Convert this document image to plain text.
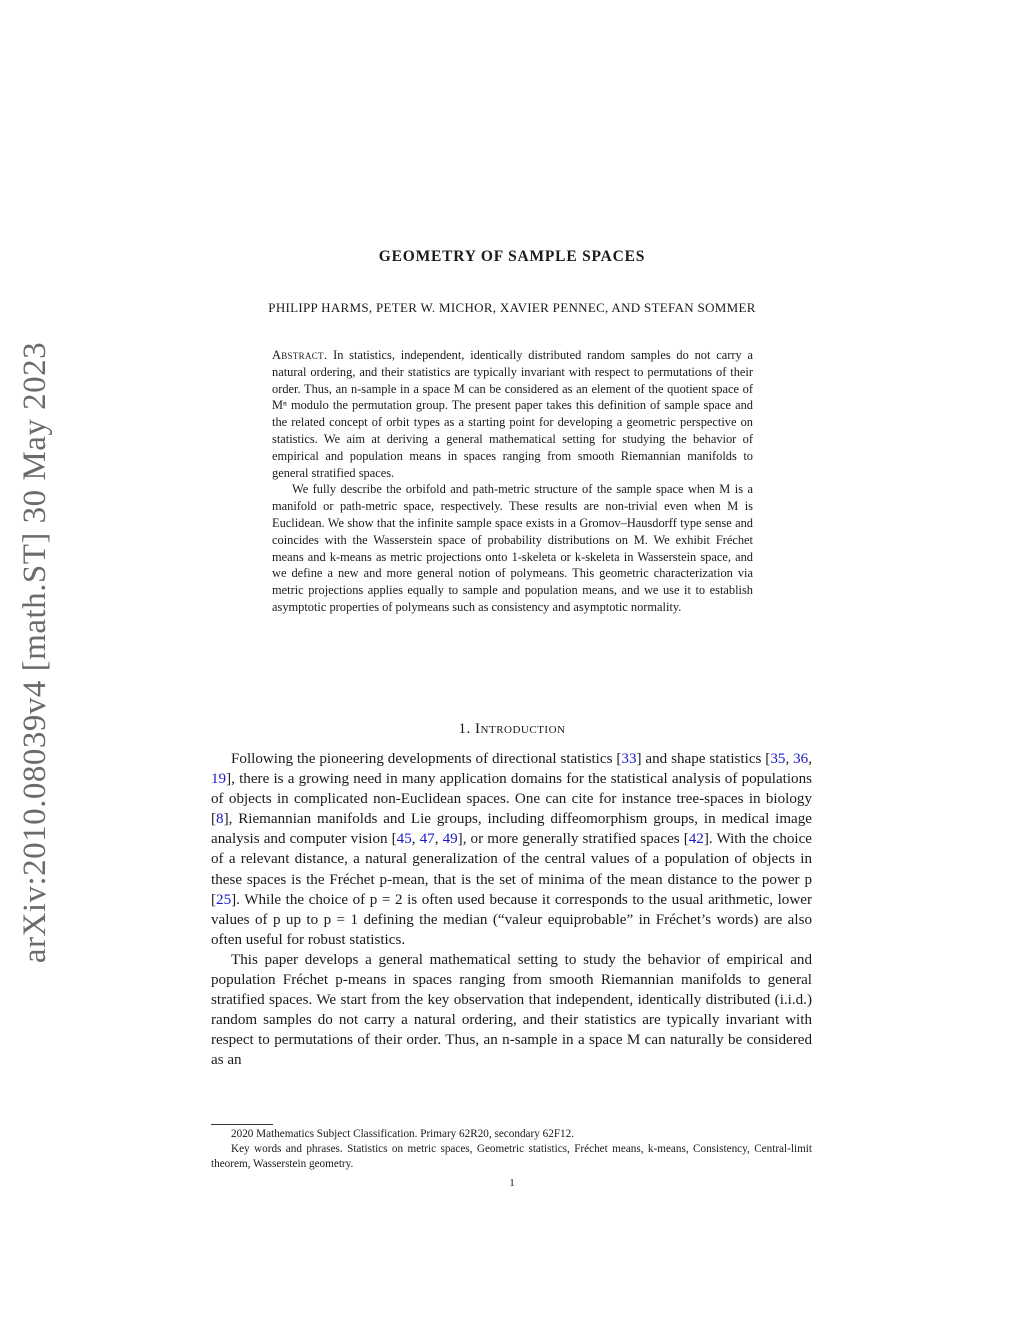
arXiv:2010.08039v4 [math.ST] 30 May 2023
GEOMETRY OF SAMPLE SPACES
PHILIPP HARMS, PETER W. MICHOR, XAVIER PENNEC, AND STEFAN SOMMER

Abstract. In statistics, independent, identically distributed random samples do not carry a natural ordering, and their statistics are typically invariant with respect to permutations of their order. Thus, an n-sample in a space M can be considered as an element of the quotient space of Mⁿ modulo the permutation group. The present paper takes this definition of sample space and the related concept of orbit types as a starting point for developing a geometric perspective on statistics. We aim at deriving a general mathematical setting for studying the behavior of empirical and population means in spaces ranging from smooth Riemannian manifolds to general stratified spaces.

We fully describe the orbifold and path-metric structure of the sample space when M is a manifold or path-metric space, respectively. These results are non-trivial even when M is Euclidean. We show that the infinite sample space exists in a Gromov–Hausdorff type sense and coincides with the Wasserstein space of probability distributions on M. We exhibit Fréchet means and k-means as metric projections onto 1-skeleta or k-skeleta in Wasserstein space, and we define a new and more general notion of polymeans. This geometric characterization via metric projections applies equally to sample and population means, and we use it to establish asymptotic properties of polymeans such as consistency and asymptotic normality.

1. Introduction

Following the pioneering developments of directional statistics [33] and shape statistics [35, 36, 19], there is a growing need in many application domains for the statistical analysis of populations of objects in complicated non-Euclidean spaces. One can cite for instance tree-spaces in biology [8], Riemannian manifolds and Lie groups, including diffeomorphism groups, in medical image analysis and computer vision [45, 47, 49], or more generally stratified spaces [42]. With the choice of a relevant distance, a natural generalization of the central values of a population of objects in these spaces is the Fréchet p-mean, that is the set of minima of the mean distance to the power p [25]. While the choice of p = 2 is often used because it corresponds to the usual arithmetic, lower values of p up to p = 1 defining the median (“valeur equiprobable” in Fréchet’s words) are also often useful for robust statistics.

This paper develops a general mathematical setting to study the behavior of empirical and population Fréchet p-means in spaces ranging from smooth Riemannian manifolds to general stratified spaces. We start from the key observation that independent, identically distributed (i.i.d.) random samples do not carry a natural ordering, and their statistics are typically invariant with respect to permutations of their order. Thus, an n-sample in a space M can naturally be considered as an

2020 Mathematics Subject Classification. Primary 62R20, secondary 62F12.

Key words and phrases. Statistics on metric spaces, Geometric statistics, Fréchet means, k-means, Consistency, Central-limit theorem, Wasserstein geometry.

1
